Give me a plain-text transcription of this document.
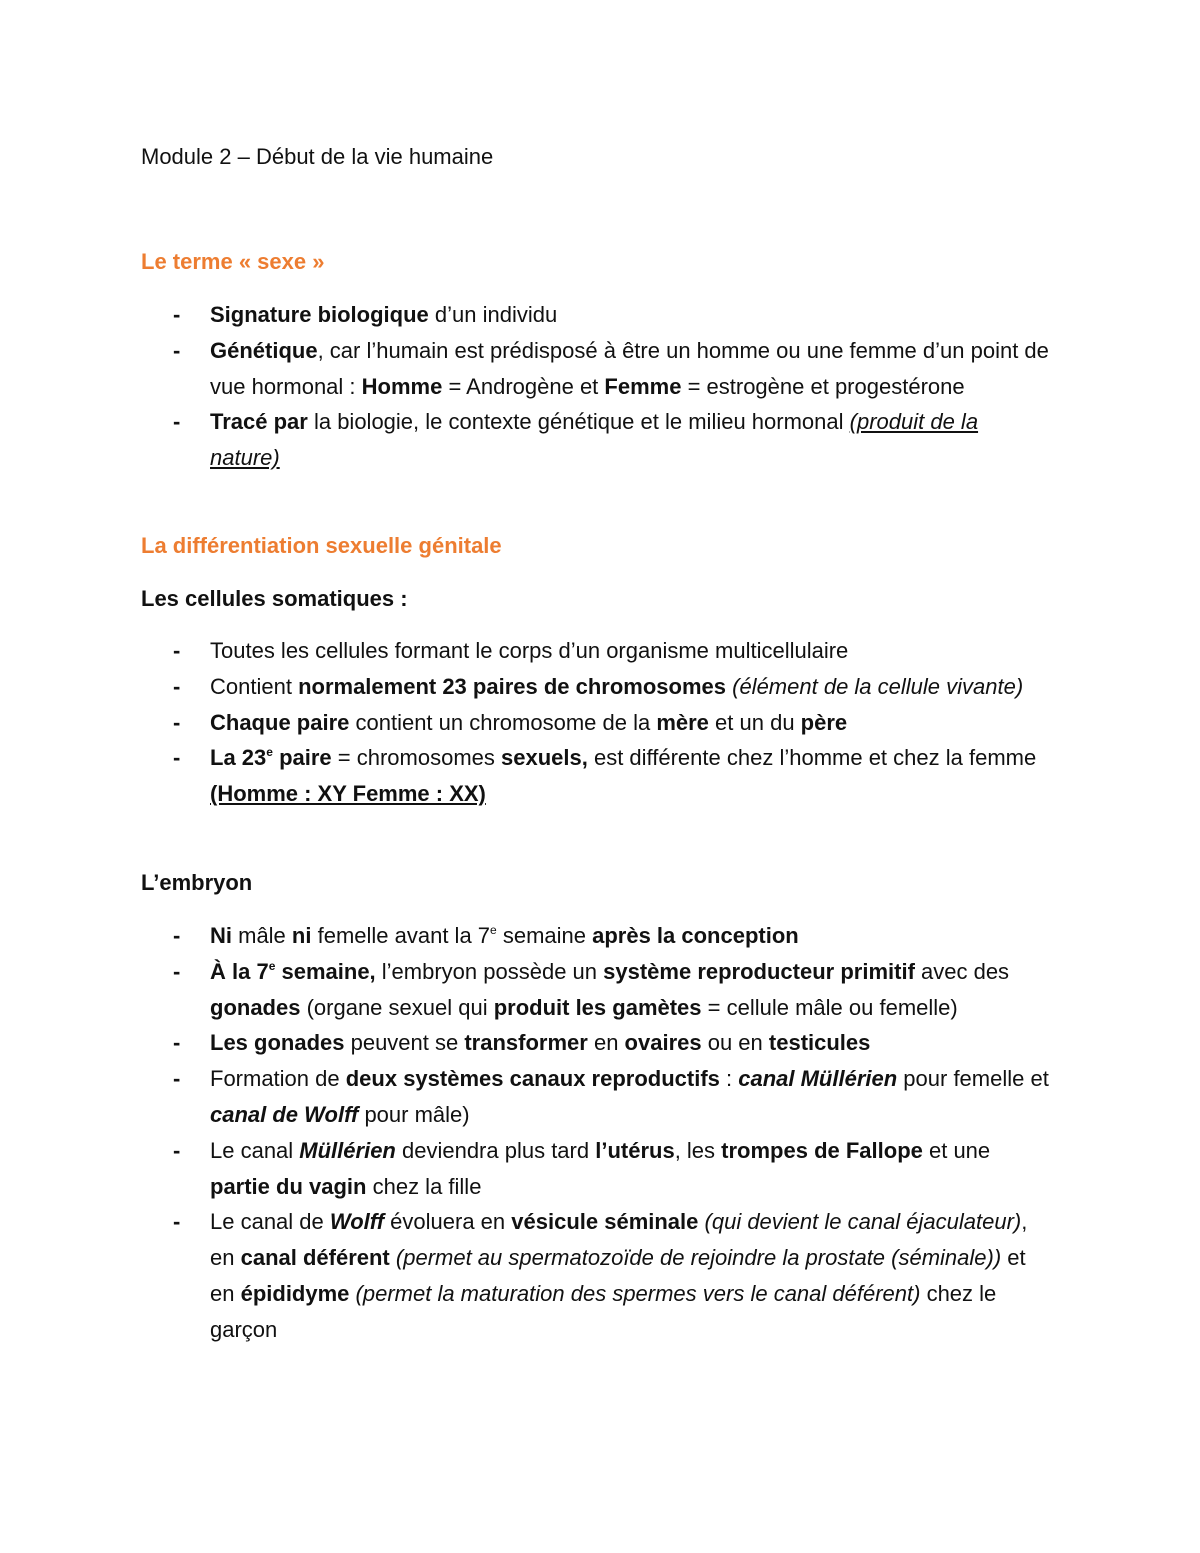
Module 2 – Début de la vie humaine
Le terme « sexe »
- Signature biologique d’un individu
- Génétique, car l’humain est prédisposé à être un homme ou une femme d’un point de vue hormonal : Homme = Androgène et Femme = estrogène et progestérone
- Tracé par la biologie, le contexte génétique et le milieu hormonal (produit de la nature)
La différentiation sexuelle génitale
Les cellules somatiques :
- Toutes les cellules formant le corps d’un organisme multicellulaire
- Contient normalement 23 paires de chromosomes (élément de la cellule vivante)
- Chaque paire contient un chromosome de la mère et un du père
- La 23e paire = chromosomes sexuels, est différente chez l’homme et chez la femme (Homme : XY Femme : XX)
L’embryon
- Ni mâle ni femelle avant la 7e semaine après la conception
- À la 7e semaine, l’embryon possède un système reproducteur primitif avec des gonades (organe sexuel qui produit les gamètes = cellule mâle ou femelle)
- Les gonades peuvent se transformer en ovaires ou en testicules
- Formation de deux systèmes canaux reproductifs : canal Müllérien pour femelle et canal de Wolff pour mâle)
- Le canal Müllérien deviendra plus tard l’utérus, les trompes de Fallope et une partie du vagin chez la fille
- Le canal de Wolff évoluera en vésicule séminale (qui devient le canal éjaculateur), en canal déférent (permet au spermatozoïde de rejoindre la prostate (séminale)) et en épididyme (permet la maturation des spermes vers le canal déférent) chez le garçon
